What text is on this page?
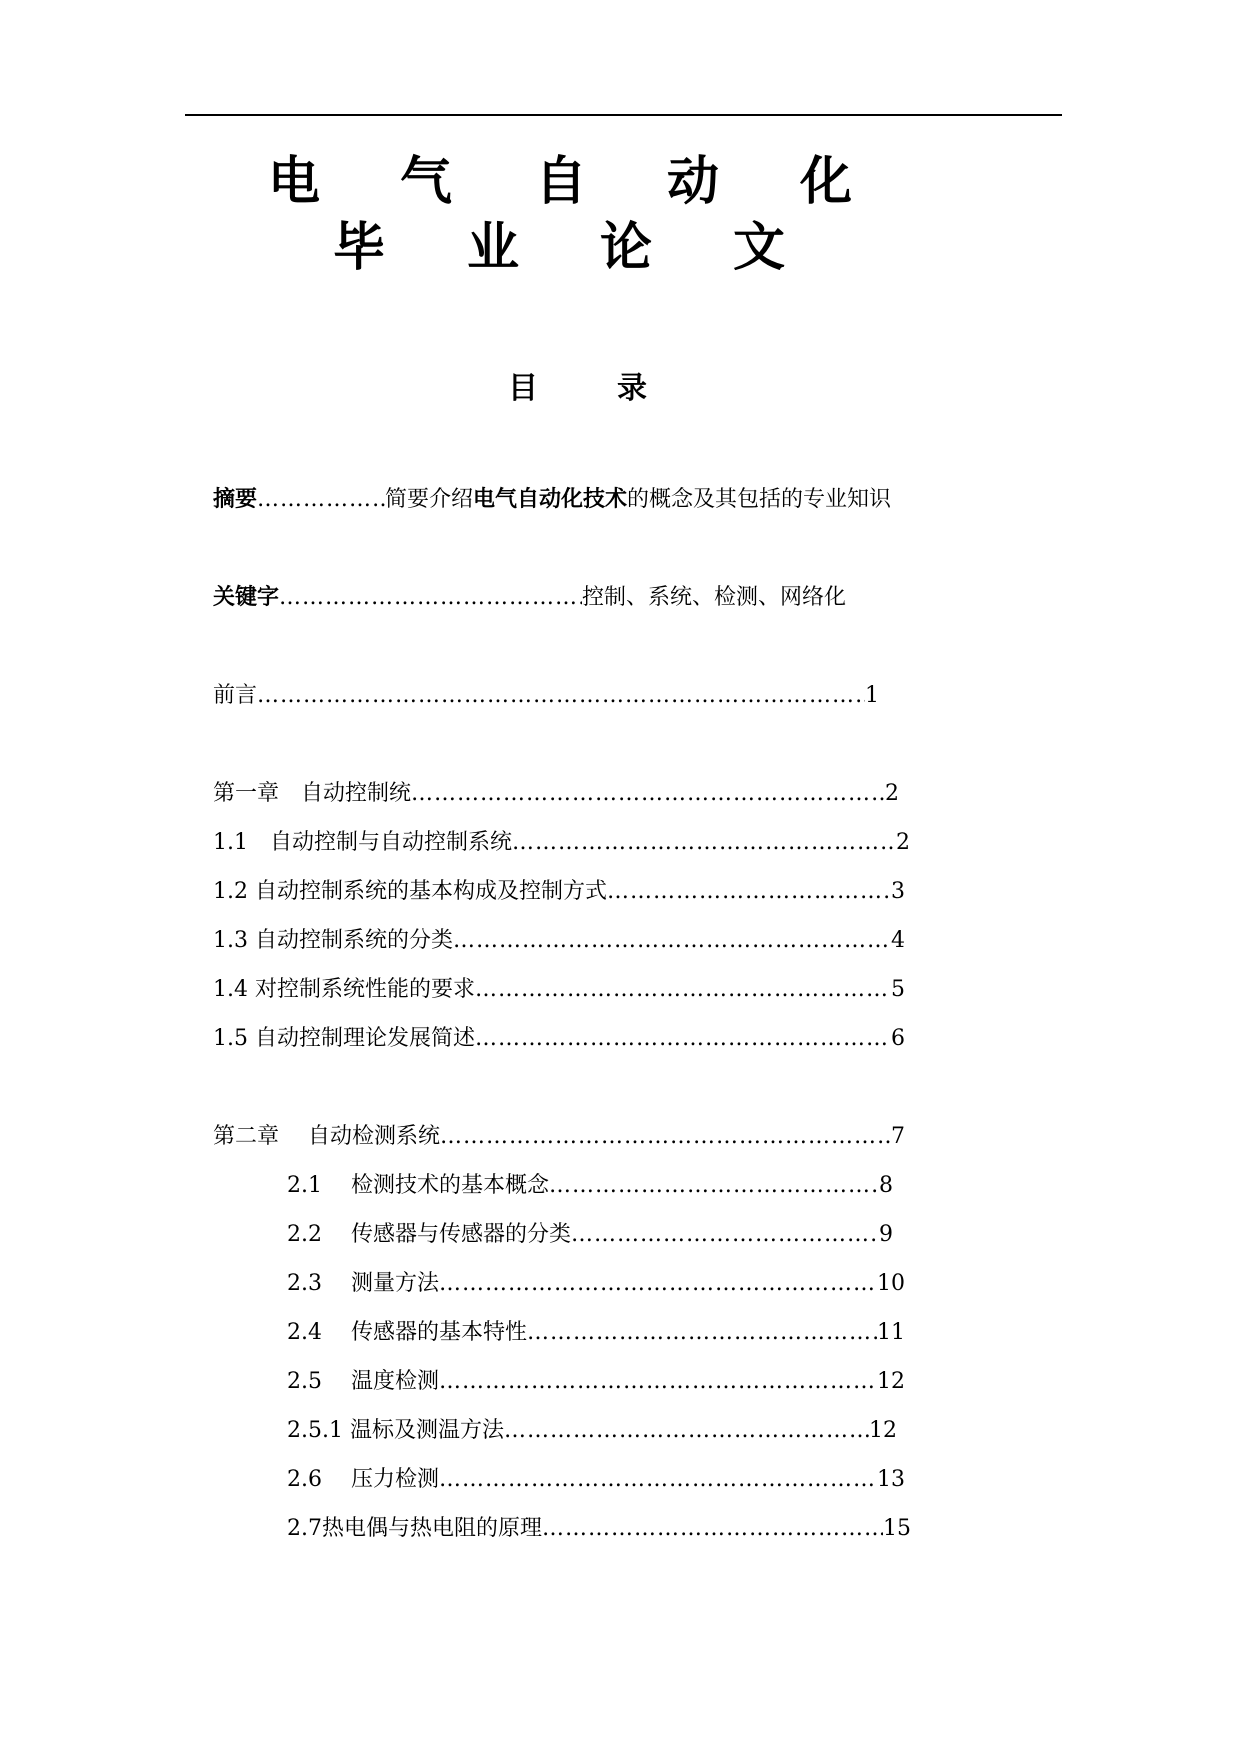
电 气 自 动 化
毕 业 论 文
目	录
摘要 ………………………………………………………………………………………………………………………………………	简要介绍电气自动化技术的概念及其包括的专业知识
关键字 ………………………………………………………………………………………………………………………………………	控制、系统、检测、网络化
前言 ………………………………………………………………………………………………………………………………………	1
第一章　自动控制统 ………………………………………………………………………………………………………………………………………	2
1.1　自动控制与自动控制系统 ………………………………………………………………………………………………………………………………………	2
1.2 自动控制系统的基本构成及控制方式 ………………………………………………………………………………………………………………………………………	3
1.3 自动控制系统的分类 ………………………………………………………………………………………………………………………………………	4
1.4 对控制系统性能的要求 ………………………………………………………………………………………………………………………………………	5
1.5 自动控制理论发展简述 ………………………………………………………………………………………………………………………………………	6
第二章　 自动检测系统 ………………………………………………………………………………………………………………………………………	7
2.1　 检测技术的基本概念 ………………………………………………………………………………………………………………………………………	8
2.2　 传感器与传感器的分类 ………………………………………………………………………………………………………………………………………	9
2.3　 测量方法 ………………………………………………………………………………………………………………………………………	10
2.4　 传感器的基本特性 ………………………………………………………………………………………………………………………………………	11
2.5　 温度检测 ………………………………………………………………………………………………………………………………………	12
2.5.1 温标及测温方法 ………………………………………………………………………………………………………………………………………	12
2.6　 压力检测 ………………………………………………………………………………………………………………………………………	13
2.7热电偶与热电阻的原理 ………………………………………………………………………………………………………………………………………	15
